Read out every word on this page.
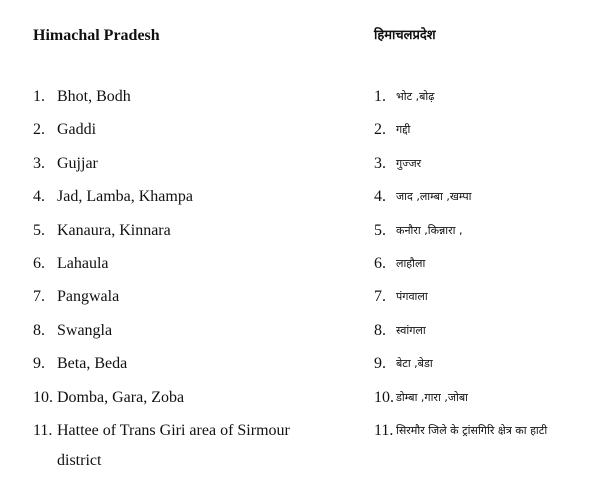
Himachal Pradesh
1. Bhot, Bodh
2. Gaddi
3. Gujjar
4. Jad, Lamba, Khampa
5. Kanaura, Kinnara
6. Lahaula
7. Pangwala
8. Swangla
9. Beta, Beda
10. Domba, Gara, Zoba
11. Hattee of Trans Giri area of Sirmour district
हिमाचलप्रदेश
1. भोट ,बोढ़
2. गद्दी
3. गुज्जर
4. जाद ,लाम्बा ,खम्पा
5. कनौरा ,किन्नारा ,
6. लाहौला
7. पंगवाला
8. स्वांगला
9. बेटा ,बेडा
10. डोम्बा ,गारा ,जोबा
11. सिरमौर जिले के ट्रांसगिरि क्षेत्र का हाटी
